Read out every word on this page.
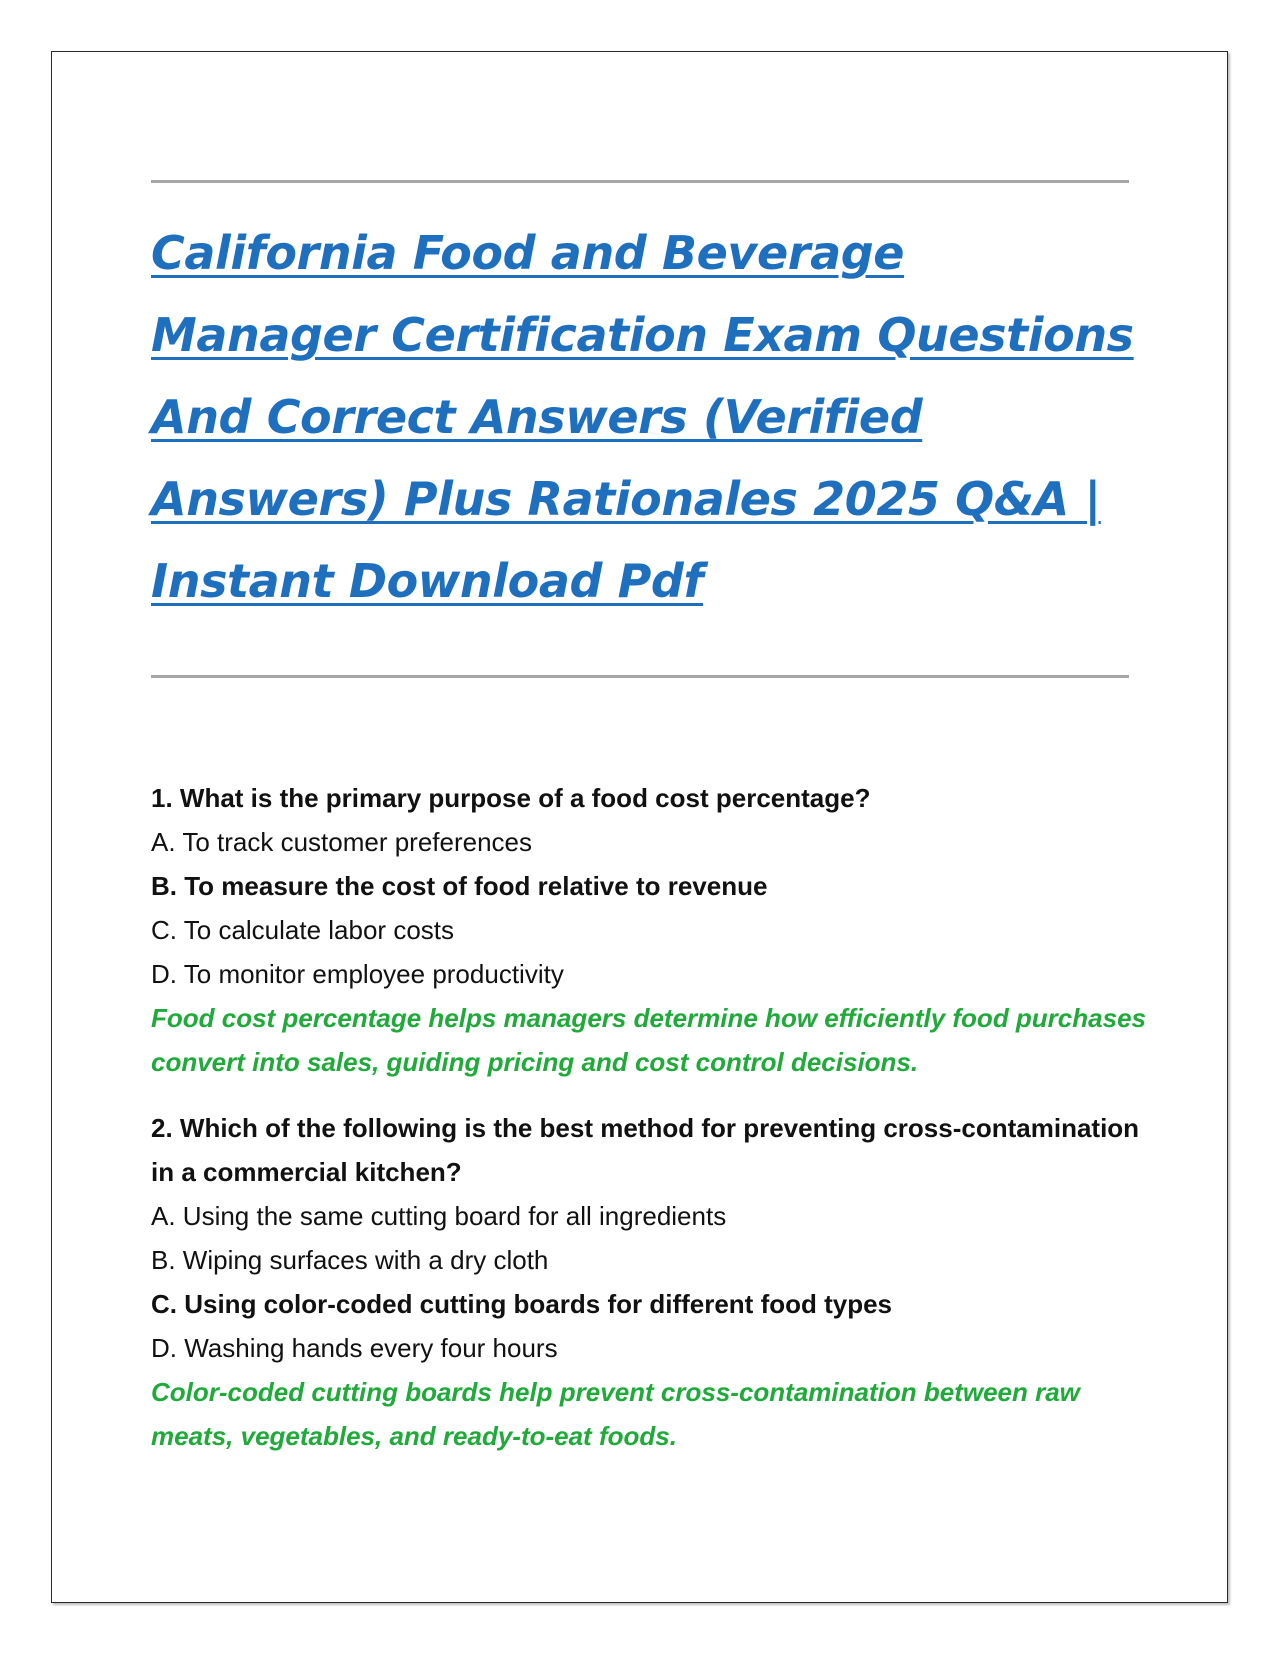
California Food and Beverage Manager Certification Exam Questions And Correct Answers (Verified Answers) Plus Rationales 2025 Q&A | Instant Download Pdf

1. What is the primary purpose of a food cost percentage?

A. To track customer preferences

B. To measure the cost of food relative to revenue

C. To calculate labor costs

D. To monitor employee productivity

Food cost percentage helps managers determine how efficiently food purchases convert into sales, guiding pricing and cost control decisions.

2. Which of the following is the best method for preventing cross-contamination in a commercial kitchen?

A. Using the same cutting board for all ingredients

B. Wiping surfaces with a dry cloth

C. Using color-coded cutting boards for different food types

D. Washing hands every four hours

Color-coded cutting boards help prevent cross-contamination between raw meats, vegetables, and ready-to-eat foods.
